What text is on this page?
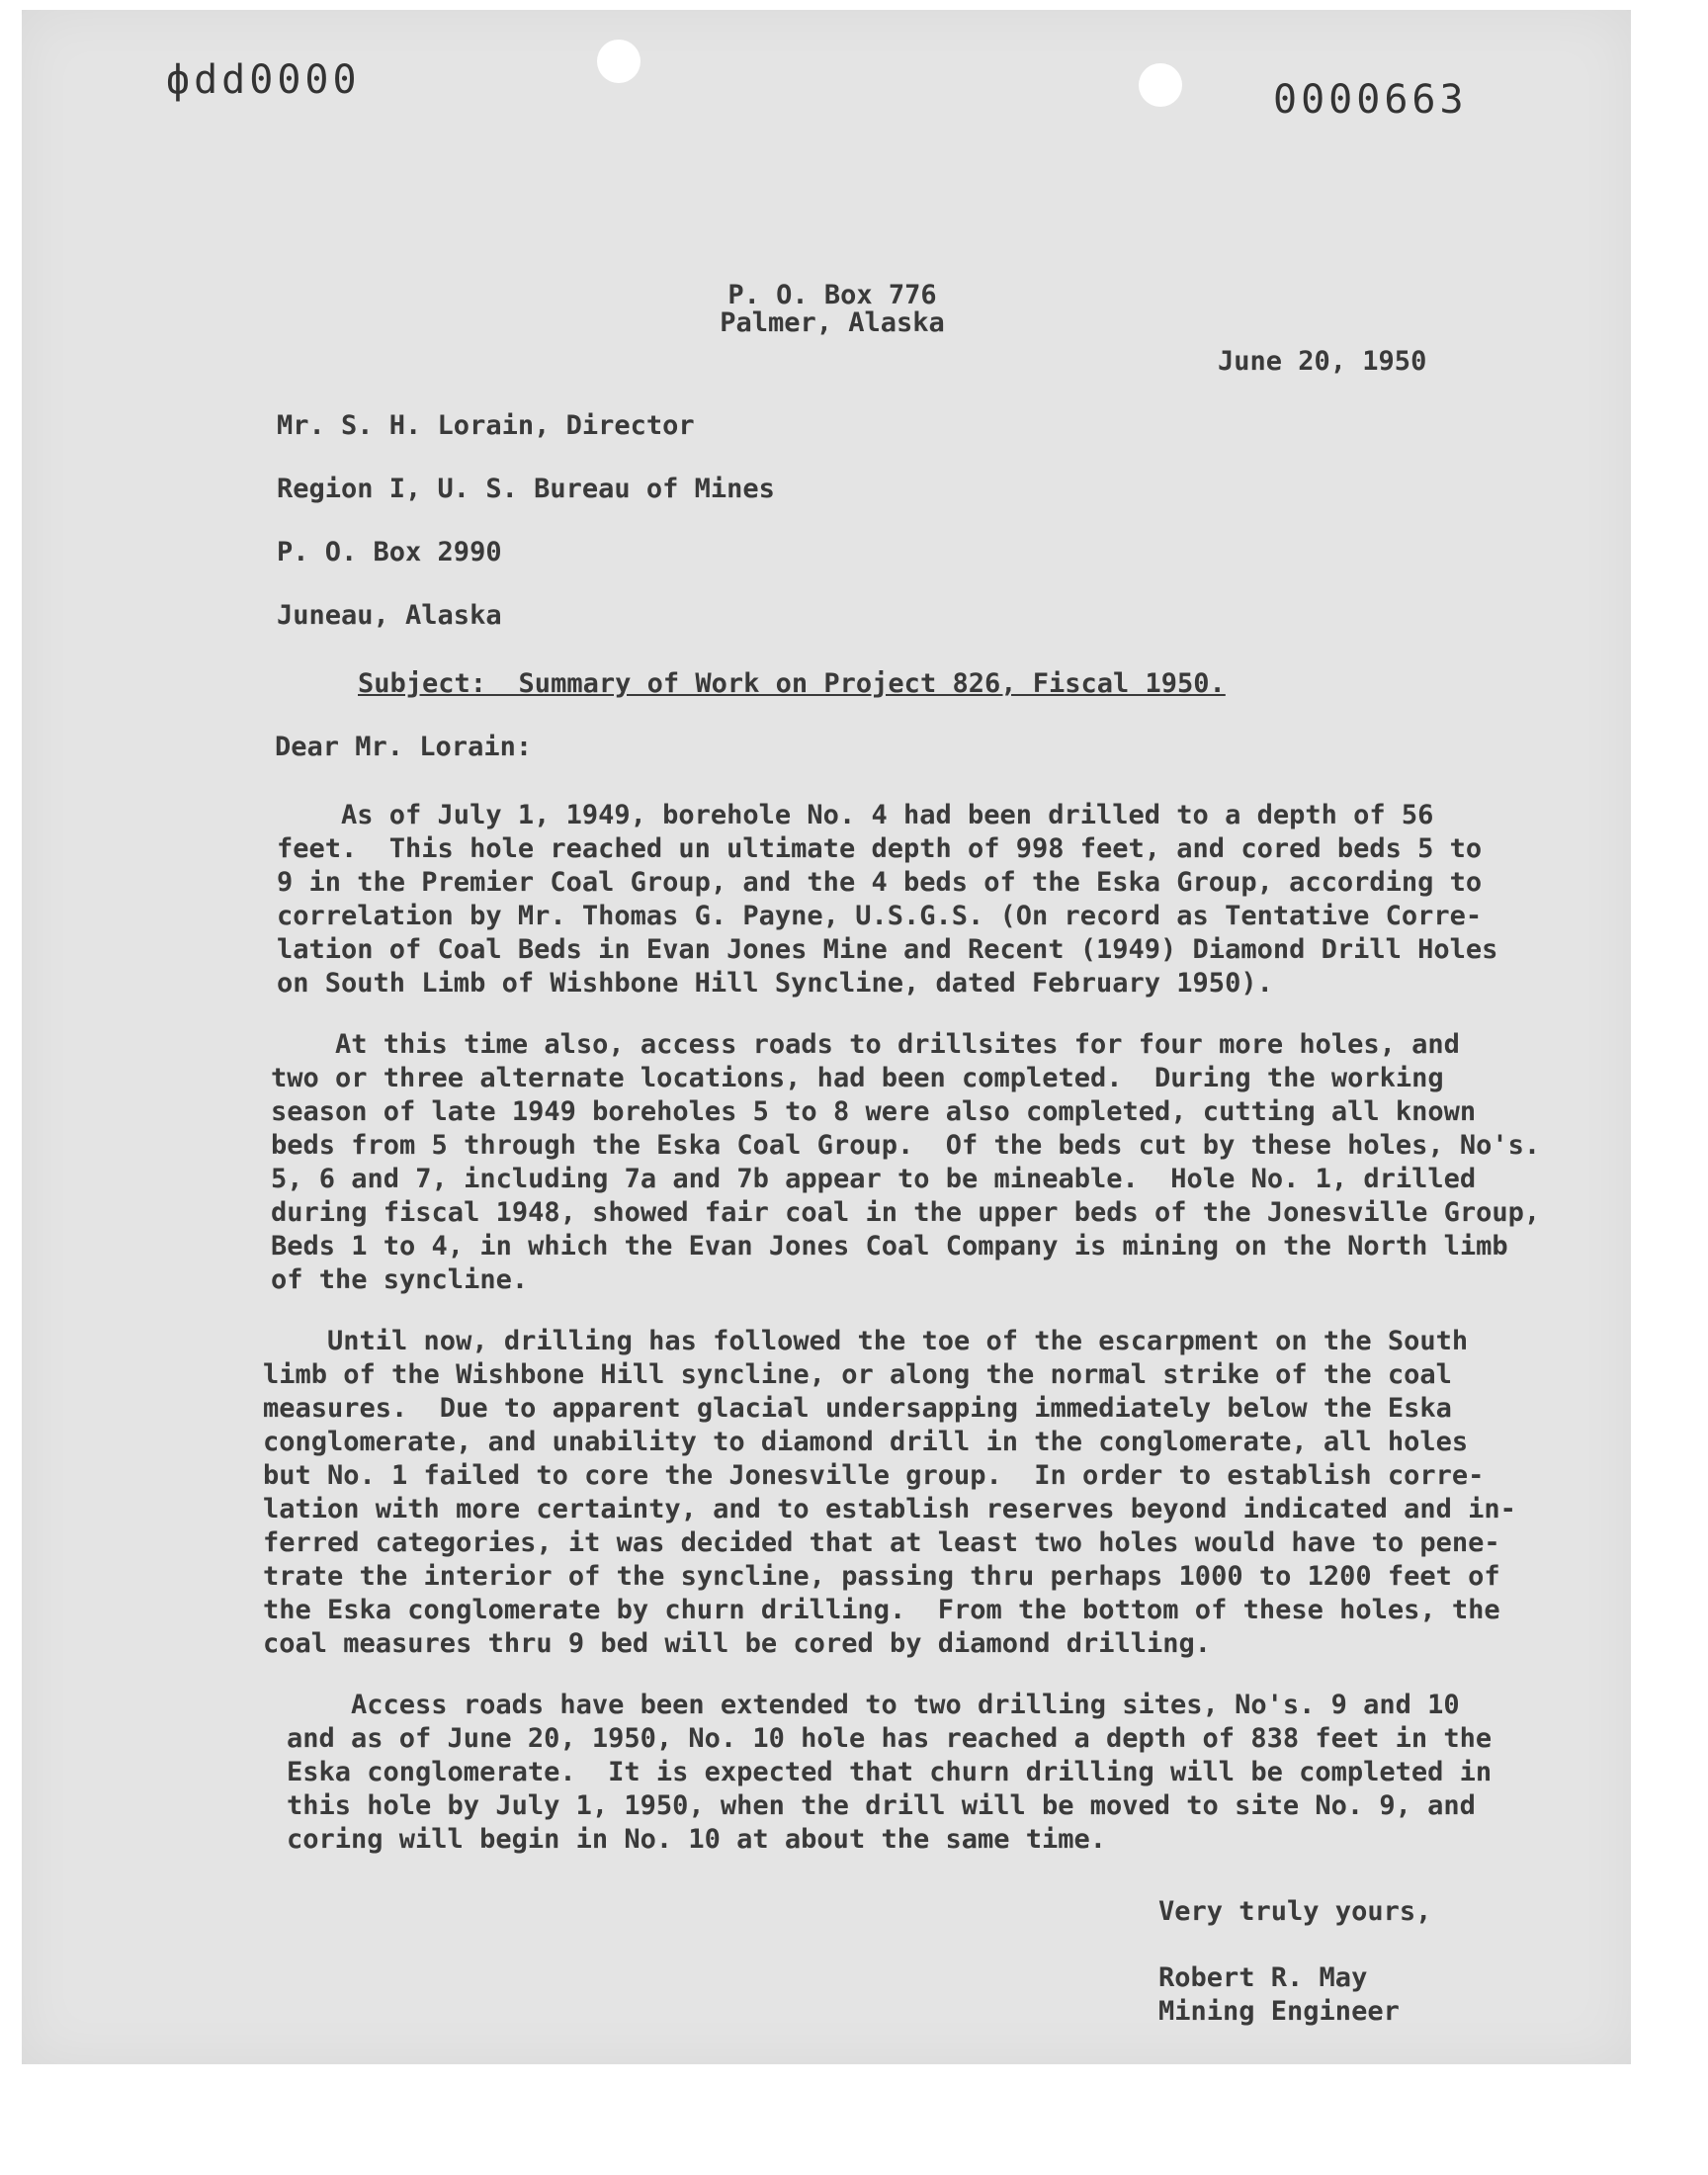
фdd0000	0000663
P. O. Box 776
Palmer, Alaska
June 20, 1950
Mr. S. H. Lorain, Director
Region I, U. S. Bureau of Mines
P. O. Box 2990
Juneau, Alaska
Subject:  Summary of Work on Project 826, Fiscal 1950.
Dear Mr. Lorain:
As of July 1, 1949, borehole No. 4 had been drilled to a depth of 56
feet.  This hole reached un ultimate depth of 998 feet, and cored beds 5 to
9 in the Premier Coal Group, and the 4 beds of the Eska Group, according to
correlation by Mr. Thomas G. Payne, U.S.G.S. (On record as Tentative Corre-
lation of Coal Beds in Evan Jones Mine and Recent (1949) Diamond Drill Holes
on South Limb of Wishbone Hill Syncline, dated February 1950).
At this time also, access roads to drillsites for four more holes, and
two or three alternate locations, had been completed.  During the working
season of late 1949 boreholes 5 to 8 were also completed, cutting all known
beds from 5 through the Eska Coal Group.  Of the beds cut by these holes, No's.
5, 6 and 7, including 7a and 7b appear to be mineable.  Hole No. 1, drilled
during fiscal 1948, showed fair coal in the upper beds of the Jonesville Group,
Beds 1 to 4, in which the Evan Jones Coal Company is mining on the North limb
of the syncline.
Until now, drilling has followed the toe of the escarpment on the South
limb of the Wishbone Hill syncline, or along the normal strike of the coal
measures.  Due to apparent glacial undersapping immediately below the Eska
conglomerate, and unability to diamond drill in the conglomerate, all holes
but No. 1 failed to core the Jonesville group.  In order to establish corre-
lation with more certainty, and to establish reserves beyond indicated and in-
ferred categories, it was decided that at least two holes would have to pene-
trate the interior of the syncline, passing thru perhaps 1000 to 1200 feet of
the Eska conglomerate by churn drilling.  From the bottom of these holes, the
coal measures thru 9 bed will be cored by diamond drilling.
Access roads have been extended to two drilling sites, No's. 9 and 10
and as of June 20, 1950, No. 10 hole has reached a depth of 838 feet in the
Eska conglomerate.  It is expected that churn drilling will be completed in
this hole by July 1, 1950, when the drill will be moved to site No. 9, and
coring will begin in No. 10 at about the same time.
Very truly yours,
Robert R. May
Mining Engineer
